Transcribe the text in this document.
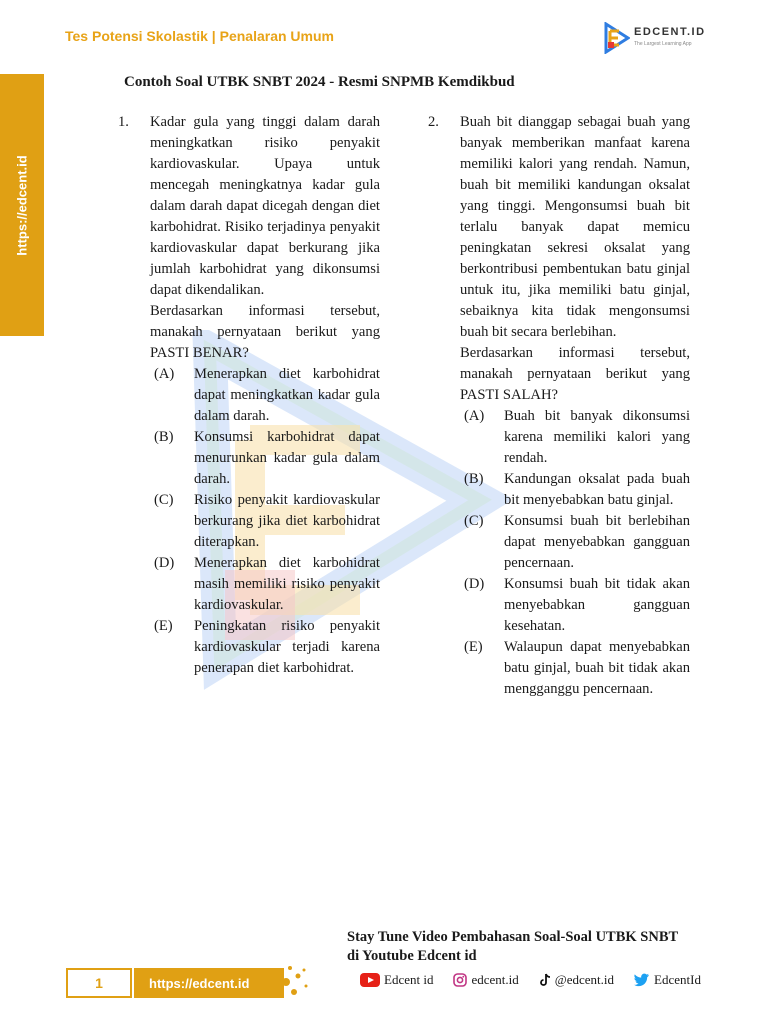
Tes Potensi Skolastik | Penalaran Umum	EDCENT.ID
The Largest Learning App
https://edcent.id
Contoh Soal UTBK SNBT 2024 - Resmi SNPMB Kemdikbud
1.	Kadar gula yang tinggi dalam darah meningkatkan risiko penyakit kardiovaskular. Upaya untuk mencegah meningkatnya kadar gula dalam darah dapat dicegah dengan diet karbohidrat. Risiko terjadinya penyakit kardiovaskular dapat berkurang jika jumlah karbohidrat yang dikonsumsi dapat dikendalikan.
Berdasarkan informasi tersebut, manakah pernyataan berikut yang PASTI BENAR?
(A)	Menerapkan diet karbohidrat dapat meningkatkan kadar gula dalam darah.
(B)	Konsumsi karbohidrat dapat menurunkan kadar gula dalam darah.
(C)	Risiko penyakit kardiovaskular berkurang jika diet karbohidrat diterapkan.
(D)	Menerapkan diet karbohidrat masih memiliki risiko penyakit kardiovaskular.
(E)	Peningkatan risiko penyakit kardiovaskular terjadi karena penerapan diet karbohidrat.
2.	Buah bit dianggap sebagai buah yang banyak memberikan manfaat karena memiliki kalori yang rendah. Namun, buah bit memiliki kandungan oksalat yang tinggi. Mengonsumsi buah bit terlalu banyak dapat memicu peningkatan sekresi oksalat yang berkontribusi pembentukan batu ginjal untuk itu, jika memiliki batu ginjal, sebaiknya kita tidak mengonsumsi buah bit secara berlebihan.
Berdasarkan informasi tersebut, manakah pernyataan berikut yang PASTI SALAH?
(A)	Buah bit banyak dikonsumsi karena memiliki kalori yang rendah.
(B)	Kandungan oksalat pada buah bit menyebabkan batu ginjal.
(C)	Konsumsi buah bit berlebihan dapat menyebabkan gangguan pencernaan.
(D)	Konsumsi buah bit tidak akan menyebabkan gangguan kesehatan.
(E)	Walaupun dapat menyebabkan batu ginjal, buah bit tidak akan mengganggu pencernaan.
Stay Tune Video Pembahasan Soal-Soal UTBK SNBT
di Youtube Edcent id
1	https://edcent.id	Edcent id	edcent.id	@edcent.id	EdcentId
